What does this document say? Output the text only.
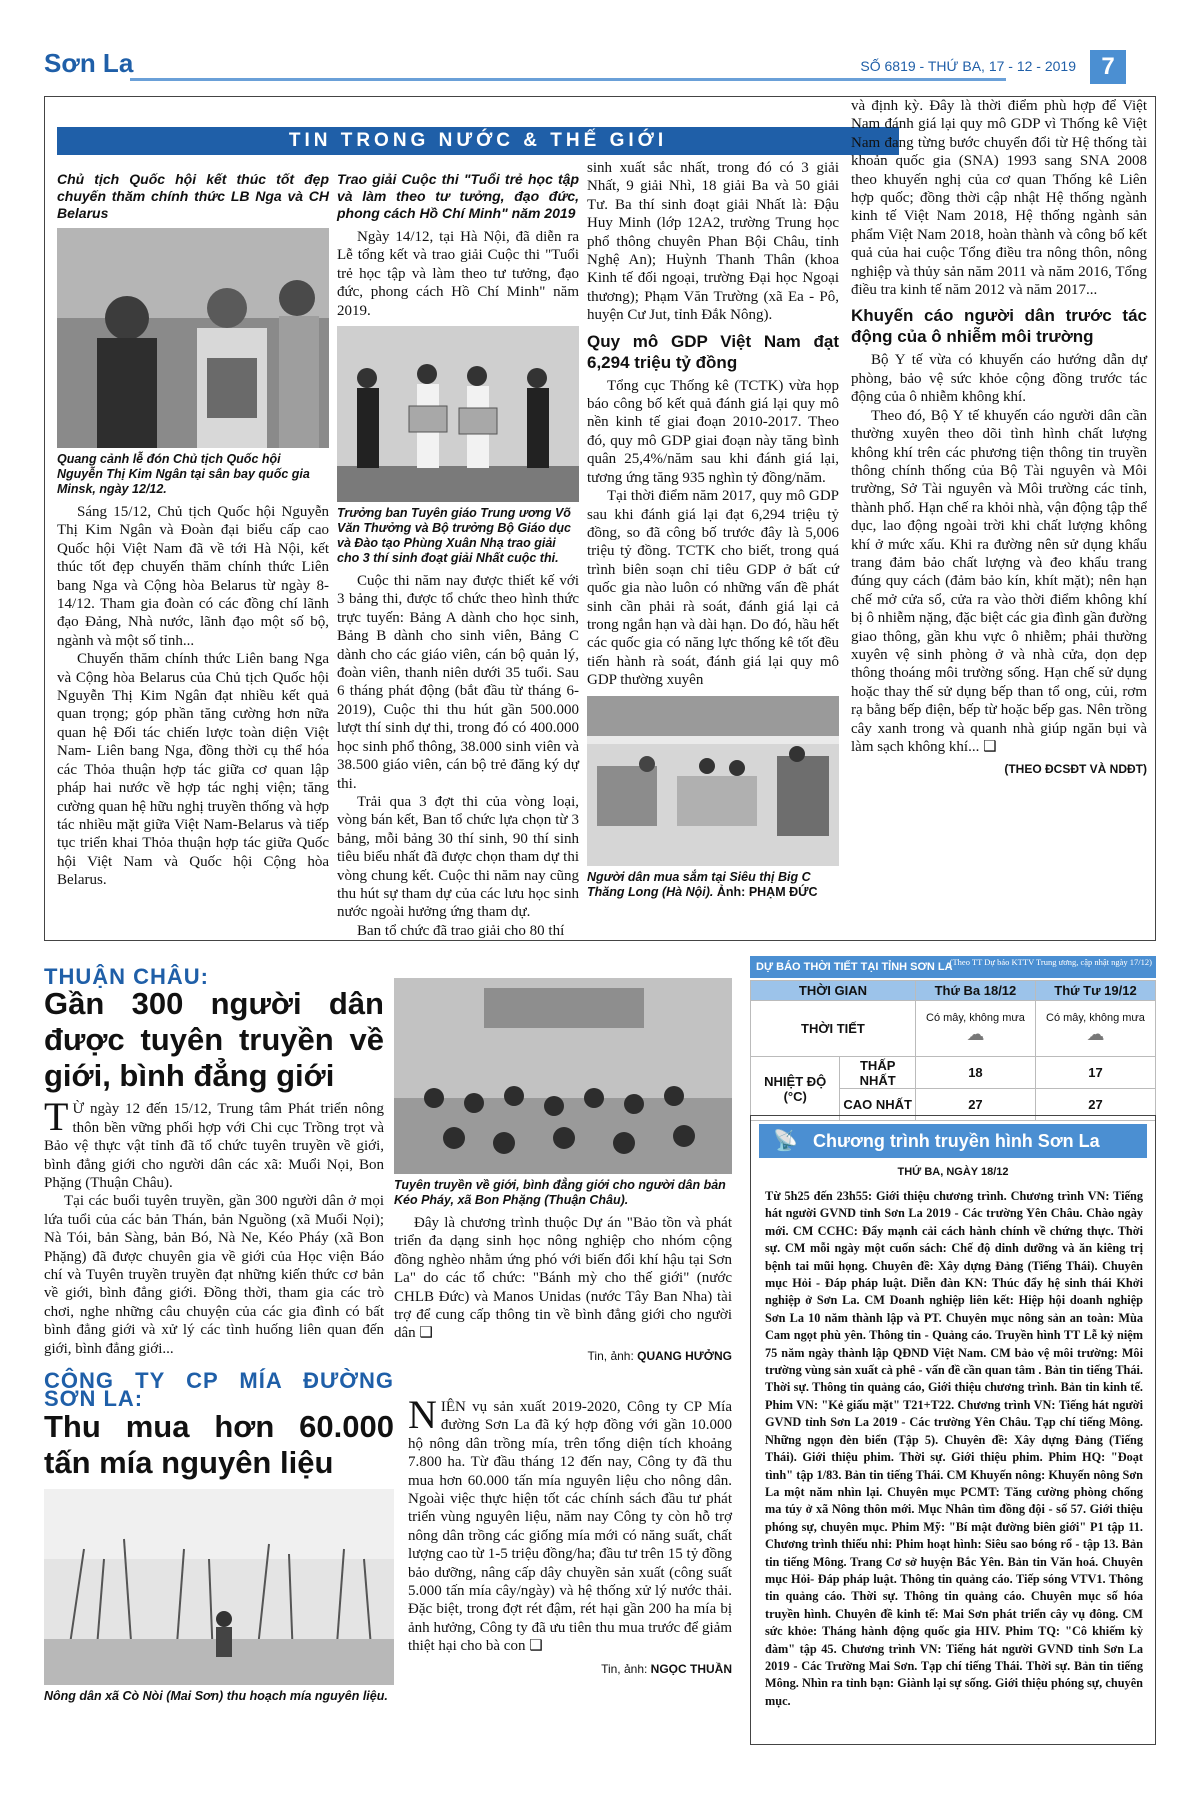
Sơn La	SỐ 6819 - THỨ BA, 17 - 12 - 2019	7
TIN TRONG NƯỚC & THẾ GIỚI
Chủ tịch Quốc hội kết thúc tốt đẹp chuyến thăm chính thức LB Nga và CH Belarus
Quang cảnh lễ đón Chủ tịch Quốc hội Nguyễn Thị Kim Ngân tại sân bay quốc gia Minsk, ngày 12/12.

Sáng 15/12, Chủ tịch Quốc hội Nguyễn Thị Kim Ngân và Đoàn đại biểu cấp cao Quốc hội Việt Nam đã về tới Hà Nội, kết thúc tốt đẹp chuyến thăm chính thức Liên bang Nga và Cộng hòa Belarus từ ngày 8-14/12. Tham gia đoàn có các đồng chí lãnh đạo Đảng, Nhà nước, lãnh đạo một số bộ, ngành và một số tỉnh...

Chuyến thăm chính thức Liên bang Nga và Cộng hòa Belarus của Chủ tịch Quốc hội Nguyễn Thị Kim Ngân đạt nhiều kết quả quan trọng; góp phần tăng cường hơn nữa quan hệ Đối tác chiến lược toàn diện Việt Nam- Liên bang Nga, đồng thời cụ thể hóa các Thỏa thuận hợp tác giữa cơ quan lập pháp hai nước về hợp tác nghị viện; tăng cường quan hệ hữu nghị truyền thống và hợp tác nhiều mặt giữa Việt Nam-Belarus và tiếp tục triển khai Thỏa thuận hợp tác giữa Quốc hội Việt Nam và Quốc hội Cộng hòa Belarus.

Trao giải Cuộc thi "Tuổi trẻ học tập và làm theo tư tưởng, đạo đức, phong cách Hồ Chí Minh" năm 2019

Ngày 14/12, tại Hà Nội, đã diễn ra Lễ tổng kết và trao giải Cuộc thi "Tuổi trẻ học tập và làm theo tư tưởng, đạo đức, phong cách Hồ Chí Minh" năm 2019.

Trưởng ban Tuyên giáo Trung ương Võ Văn Thưởng và Bộ trưởng Bộ Giáo dục và Đào tạo Phùng Xuân Nhạ trao giải cho 3 thí sinh đoạt giải Nhất cuộc thi.

Cuộc thi năm nay được thiết kế với 3 bảng thi, được tổ chức theo hình thức trực tuyến: Bảng A dành cho học sinh, Bảng B dành cho sinh viên, Bảng C dành cho các giáo viên, cán bộ quản lý, đoàn viên, thanh niên dưới 35 tuổi. Sau 6 tháng phát động (bắt đầu từ tháng 6-2019), Cuộc thi thu hút gần 500.000 lượt thí sinh dự thi, trong đó có 400.000 học sinh phổ thông, 38.000 sinh viên và 38.500 giáo viên, cán bộ trẻ đăng ký dự thi.

Trải qua 3 đợt thi của vòng loại, vòng bán kết, Ban tổ chức lựa chọn từ 3 bảng, mỗi bảng 30 thí sinh, 90 thí sinh tiêu biểu nhất đã được chọn tham dự thi vòng chung kết. Cuộc thi năm nay cũng thu hút sự tham dự của các lưu học sinh nước ngoài hưởng ứng tham dự.

Ban tổ chức đã trao giải cho 80 thí

sinh xuất sắc nhất, trong đó có 3 giải Nhất, 9 giải Nhì, 18 giải Ba và 50 giải Tư. Ba thí sinh đoạt giải Nhất là: Đậu Huy Minh (lớp 12A2, trường Trung học phổ thông chuyên Phan Bội Châu, tỉnh Nghệ An); Huỳnh Thanh Thân (khoa Kinh tế đối ngoại, trường Đại học Ngoại thương); Phạm Văn Trường (xã Ea - Pô, huyện Cư Jut, tỉnh Đắk Nông).

Quy mô GDP Việt Nam đạt 6,294 triệu tỷ đồng

Tổng cục Thống kê (TCTK) vừa họp báo công bố kết quả đánh giá lại quy mô nền kinh tế giai đoạn 2010-2017. Theo đó, quy mô GDP giai đoạn này tăng bình quân 25,4%/năm sau khi đánh giá lại, tương ứng tăng 935 nghìn tỷ đồng/năm.

Tại thời điểm năm 2017, quy mô GDP sau khi đánh giá lại đạt 6,294 triệu tỷ đồng, so đã công bố trước đây là 5,006 triệu tỷ đồng. TCTK cho biết, trong quá trình biên soạn chỉ tiêu GDP ở bất cứ quốc gia nào luôn có những vấn đề phát sinh cần phải rà soát, đánh giá lại cả trong ngắn hạn và dài hạn. Do đó, hầu hết các quốc gia có năng lực thống kê tốt đều tiến hành rà soát, đánh giá lại quy mô GDP thường xuyên

Người dân mua sắm tại Siêu thị Big C Thăng Long (Hà Nội). Ảnh: PHẠM ĐỨC

và định kỳ. Đây là thời điểm phù hợp để Việt Nam đánh giá lại quy mô GDP vì Thống kê Việt Nam đang từng bước chuyển đổi từ Hệ thống tài khoản quốc gia (SNA) 1993 sang SNA 2008 theo khuyến nghị của cơ quan Thống kê Liên hợp quốc; đồng thời cập nhật Hệ thống ngành kinh tế Việt Nam 2018, Hệ thống ngành sản phẩm Việt Nam 2018, hoàn thành và công bố kết quả của hai cuộc Tổng điều tra nông thôn, nông nghiệp và thủy sản năm 2011 và năm 2016, Tổng điều tra kinh tế năm 2012 và năm 2017...

Khuyến cáo người dân trước tác động của ô nhiễm môi trường

Bộ Y tế vừa có khuyến cáo hướng dẫn dự phòng, bảo vệ sức khỏe cộng đồng trước tác động của ô nhiễm không khí.

Theo đó, Bộ Y tế khuyến cáo người dân cần thường xuyên theo dõi tình hình chất lượng không khí trên các phương tiện thông tin truyền thông chính thống của Bộ Tài nguyên và Môi trường, Sở Tài nguyên và Môi trường các tỉnh, thành phố. Hạn chế ra khỏi nhà, vận động tập thể dục, lao động ngoài trời khi chất lượng không khí ở mức xấu. Khi ra đường nên sử dụng khẩu trang đảm bảo chất lượng và đeo khẩu trang đúng quy cách (đảm bảo kín, khít mặt); nên hạn chế mở cửa sổ, cửa ra vào thời điểm không khí bị ô nhiễm nặng, đặc biệt các gia đình gần đường giao thông, gần khu vực ô nhiễm; phải thường xuyên vệ sinh phòng ở và nhà cửa, dọn dẹp thông thoáng môi trường sống. Hạn chế sử dụng hoặc thay thế sử dụng bếp than tổ ong, củi, rơm rạ bằng bếp điện, bếp từ hoặc bếp gas. Nên trồng cây xanh trong và quanh nhà giúp ngăn bụi và làm sạch không khí... ❑

(THEO ĐCSĐT VÀ NDĐT)
THUẬN CHÂU:
Gần 300 người dân được tuyên truyền về giới, bình đẳng giới

TỪ ngày 12 đến 15/12, Trung tâm Phát triển nông thôn bền vững phối hợp với Chi cục Trồng trọt và Bảo vệ thực vật tỉnh đã tổ chức tuyên truyền về giới, bình đẳng giới cho người dân các xã: Muổi Nọi, Bon Phặng (Thuận Châu).

Tại các buổi tuyên truyền, gần 300 người dân ở mọi lứa tuổi của các bản Thán, bản Nguồng (xã Muổi Nọi); Nà Tói, bản Sàng, bản Bó, Nà Ne, Kéo Pháy (xã Bon Phặng) đã được chuyên gia về giới của Học viện Báo chí và Tuyên truyền truyền đạt những kiến thức cơ bản về giới, bình đẳng giới. Đồng thời, tham gia các trò chơi, nghe những câu chuyện của các gia đình có bất bình đẳng giới và xử lý các tình huống liên quan đến giới, bình đẳng giới...

Tuyên truyền về giới, bình đẳng giới cho người dân bản Kéo Pháy, xã Bon Phặng (Thuận Châu).

Đây là chương trình thuộc Dự án "Bảo tồn và phát triển đa dạng sinh học nông nghiệp cho nhóm cộng đồng nghèo nhằm ứng phó với biến đổi khí hậu tại Sơn La" do các tổ chức: "Bánh mỳ cho thế giới" (nước CHLB Đức) và Manos Unidas (nước Tây Ban Nha) tài trợ để cung cấp thông tin về bình đẳng giới cho người dân ❑

Tin, ảnh: QUANG HƯỞNG
CÔNG TY CP MÍA ĐƯỜNG SƠN LA:
Thu mua hơn 60.000 tấn mía nguyên liệu
Nông dân xã Cò Nòi (Mai Sơn) thu hoạch mía nguyên liệu.

NIÊN vụ sản xuất 2019-2020, Công ty CP Mía đường Sơn La đã ký hợp đồng với gần 10.000 hộ nông dân trồng mía, trên tổng diện tích khoảng 7.800 ha. Từ đầu tháng 12 đến nay, Công ty đã thu mua hơn 60.000 tấn mía nguyên liệu cho nông dân. Ngoài việc thực hiện tốt các chính sách đầu tư phát triển vùng nguyên liệu, năm nay Công ty còn hỗ trợ nông dân trồng các giống mía mới có năng suất, chất lượng cao từ 1-5 triệu đồng/ha; đầu tư trên 15 tỷ đồng bảo dưỡng, nâng cấp dây chuyền sản xuất (công suất 5.000 tấn mía cây/ngày) và hệ thống xử lý nước thải. Đặc biệt, trong đợt rét đậm, rét hại gần 200 ha mía bị ảnh hưởng, Công ty đã ưu tiên thu mua trước để giảm thiệt hại cho bà con ❑

Tin, ảnh: NGỌC THUẦN
DỰ BÁO THỜI TIẾT TẠI TỈNH SƠN LA
(Theo TT Dự báo KTTV Trung ương, cập nhật ngày 17/12)
THỜI GIAN		Thứ Ba 18/12	Thứ Tư 19/12
THỜI TIẾT		Có mây, không mưa ☁	Có mây, không mưa ☁
NHIỆT ĐỘ (°C)	THẤP NHẤT	18	17
	CAO NHẤT	27	27
📡 Chương trình truyền hình Sơn La
THỨ BA, NGÀY 18/12
Từ 5h25 đến 23h55: Giới thiệu chương trình. Chương trình VN: Tiếng hát người GVND tỉnh Sơn La 2019 - Các trường Yên Châu. Chào ngày mới. CM CCHC: Đẩy mạnh cải cách hành chính về chứng thực. Thời sự. CM mỗi ngày một cuốn sách: Chế độ dinh dưỡng và ăn kiêng trị bệnh tai mũi họng. Chuyên đề: Xây dựng Đảng (Tiếng Thái). Chuyên mục Hỏi - Đáp pháp luật. Diễn đàn KN: Thúc đẩy hệ sinh thái Khởi nghiệp ở Sơn La. CM Doanh nghiệp liên kết: Hiệp hội doanh nghiệp Sơn La 10 năm thành lập và PT. Chuyên mục nông sản an toàn: Mùa Cam ngọt phù yên. Thông tin - Quảng cáo. Truyền hình TT Lễ kỷ niệm 75 năm ngày thành lập QĐND Việt Nam. CM bảo vệ môi trường: Môi trường vùng sản xuất cà phê - vấn đề cần quan tâm . Bản tin tiếng Thái. Thời sự. Thông tin quảng cáo, Giới thiệu chương trình. Bản tin kinh tế. Phim VN: "Kẻ giấu mặt" T21+T22. Chương trình VN: Tiếng hát người GVND tỉnh Sơn La 2019 - Các trường Yên Châu. Tạp chí tiếng Mông. Những ngọn đèn biển (Tập 5). Chuyên đề: Xây dựng Đảng (Tiếng Thái). Giới thiệu phim. Thời sự. Giới thiệu phim. Phim HQ: "Đoạt tình" tập 1/83. Bản tin tiếng Thái. CM Khuyến nông: Khuyến nông Sơn La một năm nhìn lại. Chuyên mục PCMT: Tăng cường phòng chống ma túy ở xã Nông thôn mới. Mục Nhân tìm đồng đội - số 57. Giới thiệu phóng sự, chuyên mục. Phim Mỹ: "Bí mật đường biên giới" P1 tập 11. Chương trình thiếu nhi: Phim hoạt hình: Siêu sao bóng rổ - tập 13. Bản tin tiếng Mông. Trang Cơ sở huyện Bắc Yên. Bản tin Văn hoá. Chuyên mục Hỏi- Đáp pháp luật. Thông tin quảng cáo. Tiếp sóng VTV1. Thông tin quảng cáo. Thời sự. Thông tin quảng cáo. Chuyên mục số hóa truyền hình. Chuyên đề kinh tế: Mai Sơn phát triển cây vụ đông. CM sức khỏe: Tháng hành động quốc gia HIV. Phim TQ: "Cô khiếm kỳ đàm" tập 45. Chương trình VN: Tiếng hát người GVND tỉnh Sơn La 2019 - Các Trường Mai Sơn. Tạp chí tiếng Thái. Thời sự. Bản tin tiếng Mông. Nhìn ra tỉnh bạn: Giành lại sự sống. Giới thiệu phóng sự, chuyên mục.
